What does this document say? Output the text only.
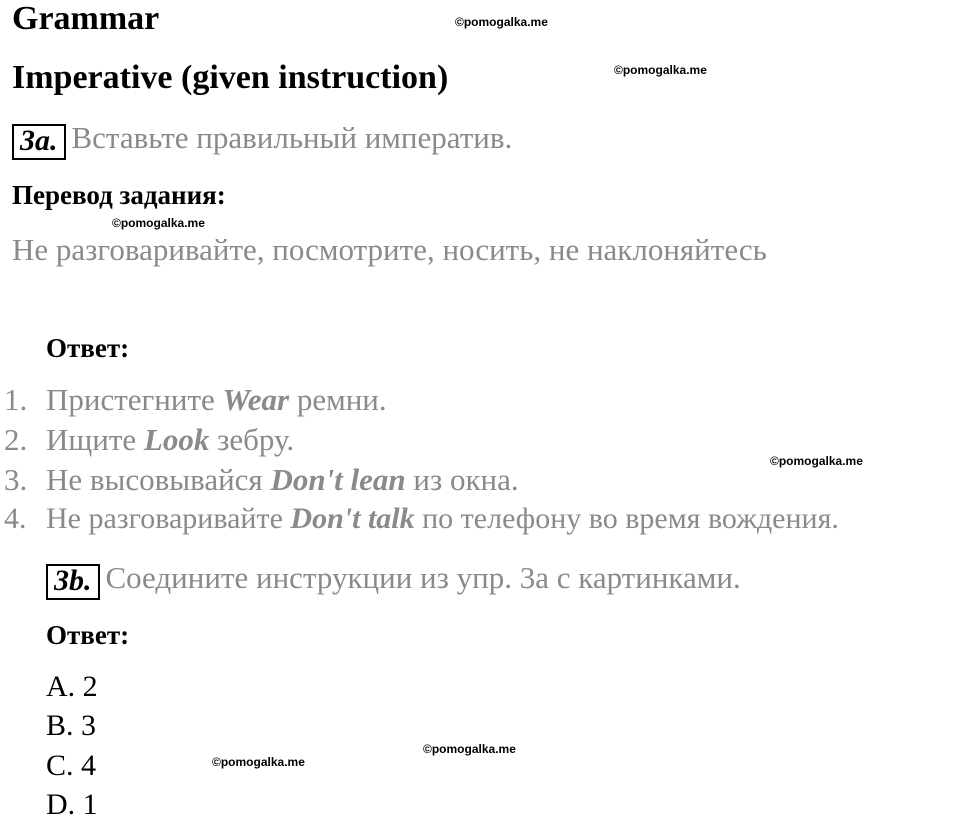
Grammar
Imperative (given instruction)
3a. Вставьте правильный императив.
Перевод задания:
Не разговаривайте, посмотрите, носить, не наклоняйтесь
Ответ:
1. Пристегните Wear ремни.
2. Ищите Look зебру.
3. Не высовывайся Don't lean из окна.
4. Не разговаривайте Don't talk по телефону во время вождения.
3b. Соедините инструкции из упр. 3а с картинками.
Ответ:
A. 2
B. 3
C. 4
D. 1
©pomogalka.me
©pomogalka.me
©pomogalka.me
©pomogalka.me
©pomogalka.me
©pomogalka.me
